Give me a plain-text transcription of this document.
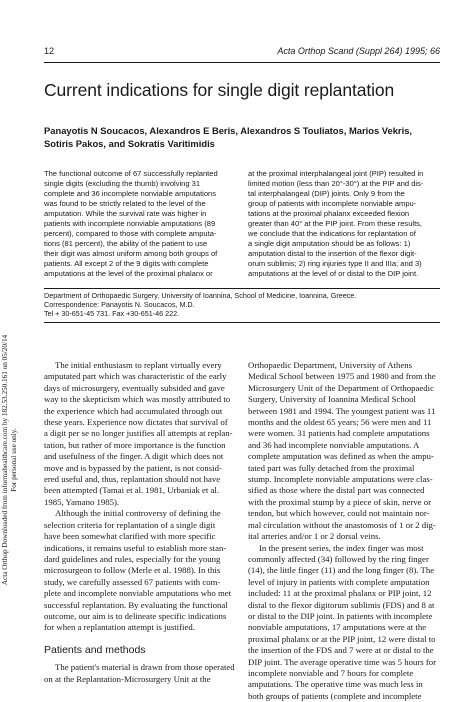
12	Acta Orthop Scand (Suppl 264) 1995; 66
Current indications for single digit replantation
Panayotis N Soucacos, Alexandros E Beris, Alexandros S Touliatos, Marios Vekris,
Sotiris Pakos, and Sokratis Varitimidis
The functional outcome of 67 successfully replanted
single digits (excluding the thumb) involving 31
complete and 36 incomplete nonviable amputations
was found to be strictly related to the level of the
amputation. While the survival rate was higher in
patients with incomplete nonviable amputations (89
percent), compared to those with complete amputa-
tions (81 percent), the ability of the patient to use
their digit was almost uniform among both groups of
patients. All except 2 of the 9 digits with complete
amputations at the level of the proximal phalanx or
at the proximal interphalangeal joint (PIP) resulted in
limited motion (less than 20°-30°) at the PIP and dis-
tal interphalangeal (DIP) joints. Only 9 from the
group of patients with incomplete nonviable ampu-
tations at the proximal phalanx exceeded flexion
greater than 40° at the PIP joint. From these results,
we conclude that the indications for replantation of
a single digit amputation should be as follows: 1)
amputation distal to the insertion of the flexor digit-
orum sublimis; 2) ring injuries type II and IIIa; and 3)
amputations at the level of or distal to the DIP joint.
Department of Orthopaedic Surgery, University of Ioannina, School of Medicine, Ioannina, Greece.
Correspondence: Panayotis N. Soucacos, M.D.
Tel + 30-651-45 731. Fax +30-651-46 222.
Acta Orthop Downloaded from informahealthcare.com by 182.53.250.161 on 05/20/14 For personal use only.
The initial enthusiasm to replant virtually every
amputated part which was characteristic of the early
days of microsurgery, eventually subsided and gave
way to the skepticism which was mostly attributed to
the experience which had accumulated through out
these years. Experience now dictates that survival of
a digit per se no longer justifies all attempts at replan-
tation, but rather of more importance is the function
and usefulness of the finger. A digit which does not
move and is bypassed by the patient, is not consid-
ered useful and, thus, replantation should not have
been attempted (Tamai et al. 1981, Urbaniak et al.
1985, Yamano 1985).
Although the initial controversy of defining the
selection criteria for replantation of a single digit
have been somewhat clarified with more specific
indications, it remains useful to establish more stan-
dard guidelines and rules, especially for the young
microsurgeon to follow (Merle et al. 1988). In this
study, we carefully assessed 67 patients with com-
plete and incomplete nonviable amputations who met
successful replantation. By evaluating the functional
outcome, our aim is to delineate specific indications
for when a replantation attempt is justified.
Patients and methods
The patient's material is drawn from those operated
on at the Replantation-Microsurgery Unit at the
Orthopaedic Department, University of Athens
Medical School between 1975 and 1980 and from the
Microsurgery Unit of the Department of Orthopaedic
Surgery, University of Ioannina Medical School
between 1981 and 1994. The youngest patient was 11
months and the oldest 65 years; 56 were men and 11
were women. 31 patients had complete amputations
and 36 had incomplete nonviable amputations. A
complete amputation was defined as when the ampu-
tated part was fully detached from the proximal
stump. Incomplete nonviable amputations were clas-
sified as those where the distal part was connected
with the proximal stump by a piece of skin, nerve or
tendon, but which however, could not maintain nor-
mal circulation without the anastomosis of 1 or 2 dig-
ital arteries and/or 1 or 2 dorsal veins.
In the present series, the index finger was most
commonly affected (34) followed by the ring finger
(14), the little finger (11) and the long finger (8). The
level of injury in patients with complete amputation
included: 11 at the proximal phalanx or PIP joint, 12
distal to the flexor digitorum sublimis (FDS) and 8 at
or distal to the DIP joint. In patients with incomplete
nonviable amputations, 17 amputations were at the
proximal phalanx or at the PIP joint, 12 were distal to
the insertion of the FDS and 7 were at or distal to the
DIP joint. The average operative time was 5 hours for
incomplete nonviable and 7 hours for complete
amputations. The operative time was much less in
both groups of patients (complete and incomplete
